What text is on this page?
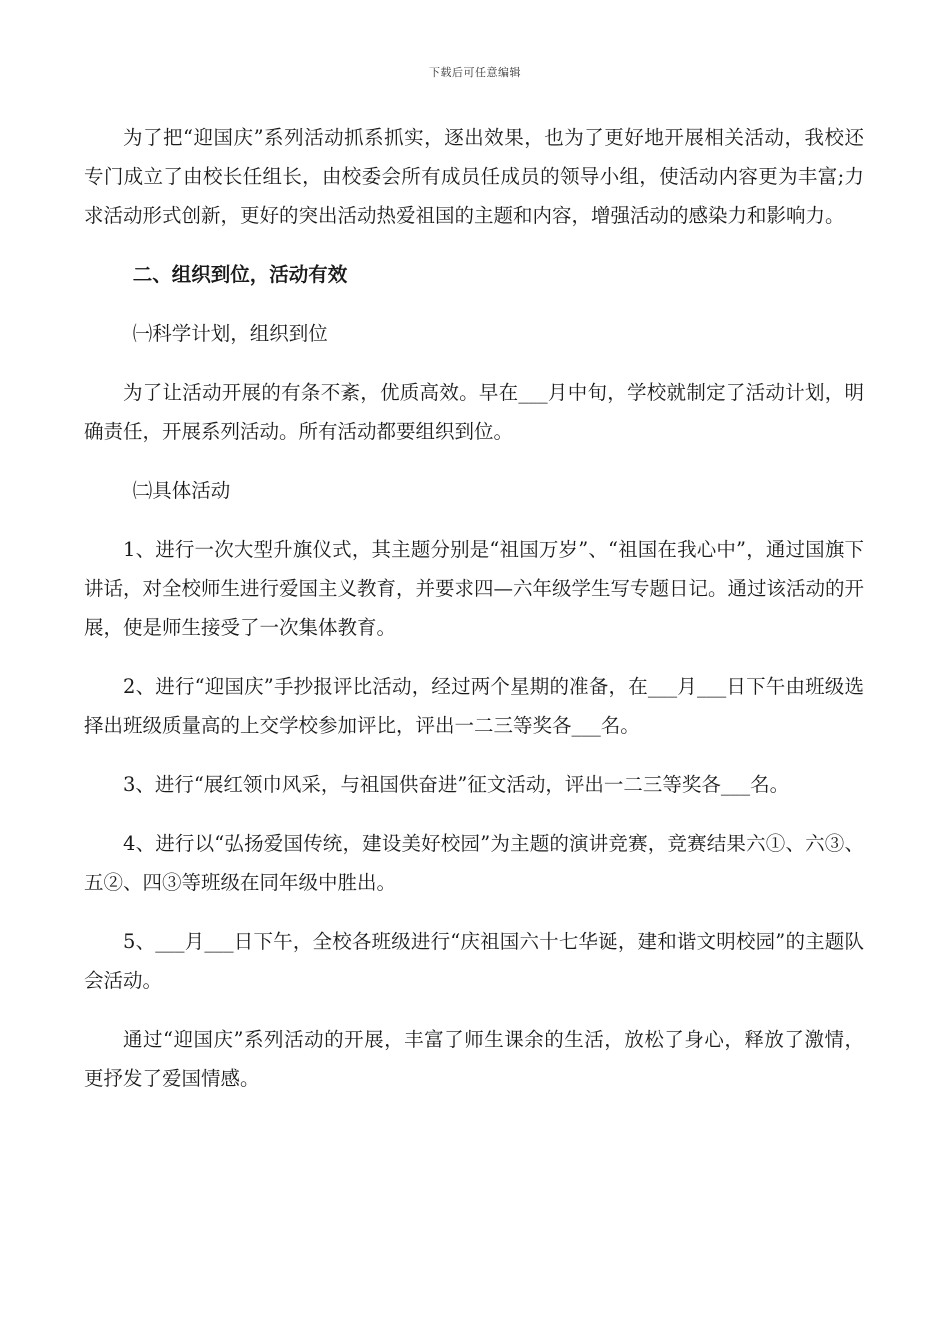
下载后可任意编辑

为了把“迎国庆”系列活动抓系抓实，逐出效果，也为了更好地开展相关活动，我校还专门成立了由校长任组长，由校委会所有成员任成员的领导小组，使活动内容更为丰富;力求活动形式创新，更好的突出活动热爱祖国的主题和内容，增强活动的感染力和影响力。

二、组织到位，活动有效

㈠科学计划，组织到位

为了让活动开展的有条不紊，优质高效。早在___月中旬，学校就制定了活动计划，明确责任，开展系列活动。所有活动都要组织到位。

㈡具体活动

1、进行一次大型升旗仪式，其主题分别是“祖国万岁”、“祖国在我心中”，通过国旗下讲话，对全校师生进行爱国主义教育，并要求四—六年级学生写专题日记。通过该活动的开展，使是师生接受了一次集体教育。

2、进行“迎国庆”手抄报评比活动，经过两个星期的准备，在___月___日下午由班级选择出班级质量高的上交学校参加评比，评出一二三等奖各___名。

3、进行“展红领巾风采，与祖国供奋进”征文活动，评出一二三等奖各___名。

4、进行以“弘扬爱国传统，建设美好校园”为主题的演讲竞赛，竞赛结果六①、六③、五②、四③等班级在同年级中胜出。

5、___月___日下午，全校各班级进行“庆祖国六十七华诞，建和谐文明校园”的主题队会活动。

通过“迎国庆”系列活动的开展，丰富了师生课余的生活，放松了身心，释放了激情，更抒发了爱国情感。
